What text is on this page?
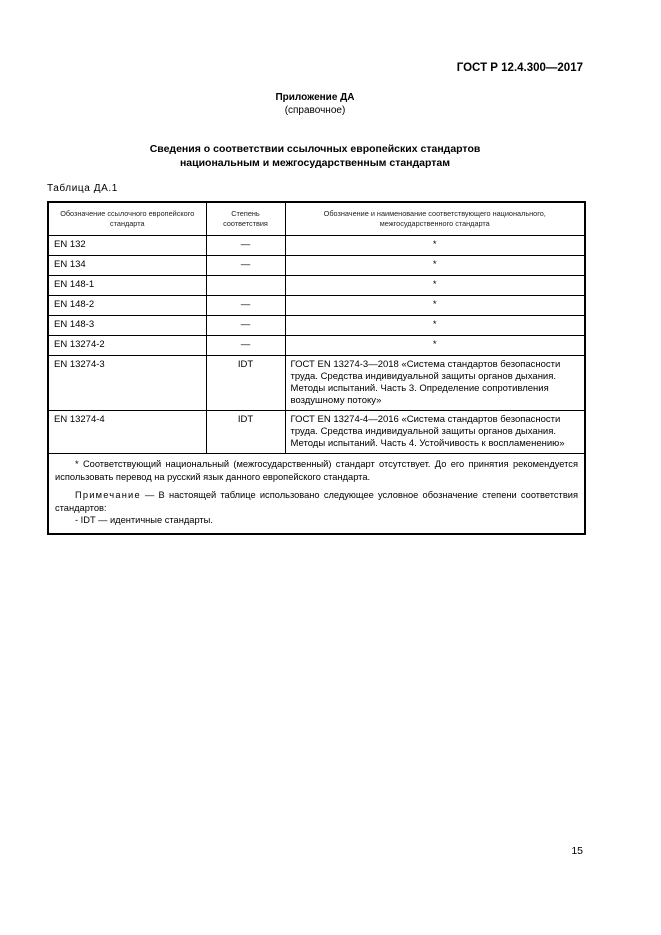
ГОСТ Р 12.4.300—2017
Приложение ДА
(справочное)
Сведения о соответствии ссылочных европейских стандартов
национальным и межгосударственным стандартам
Таблица ДА.1
Обозначение ссылочного европейского стандарта	Степень соответствия	Обозначение и наименование соответствующего национального, межгосударственного стандарта
EN 132	—	*
EN 134	—	*
EN 148-1		*
EN 148-2	—	*
EN 148-3	—	*
EN 13274-2	—	*
EN 13274-3	IDT	ГОСТ EN 13274-3—2018 «Система стандартов безопасности
труда. Средства индивидуальной защиты органов дыхания.
Методы испытаний. Часть 3. Определение сопротивления
воздушному потоку»

EN 13274-4	IDT	ГОСТ EN 13274-4—2016 «Система стандартов безопасности
труда. Средства индивидуальной защиты органов дыхания.
Методы испытаний. Часть 4. Устойчивость к воспламенению»

* Соответствующий национальный (межгосударственный) стандарт отсутствует. До его принятия рекомендуется использовать перевод на русский язык данного европейского стандарта.
Примечание — В настоящей таблице использовано следующее условное обозначение степени соответствия стандартов:
- IDT — идентичные стандарты.		
15
